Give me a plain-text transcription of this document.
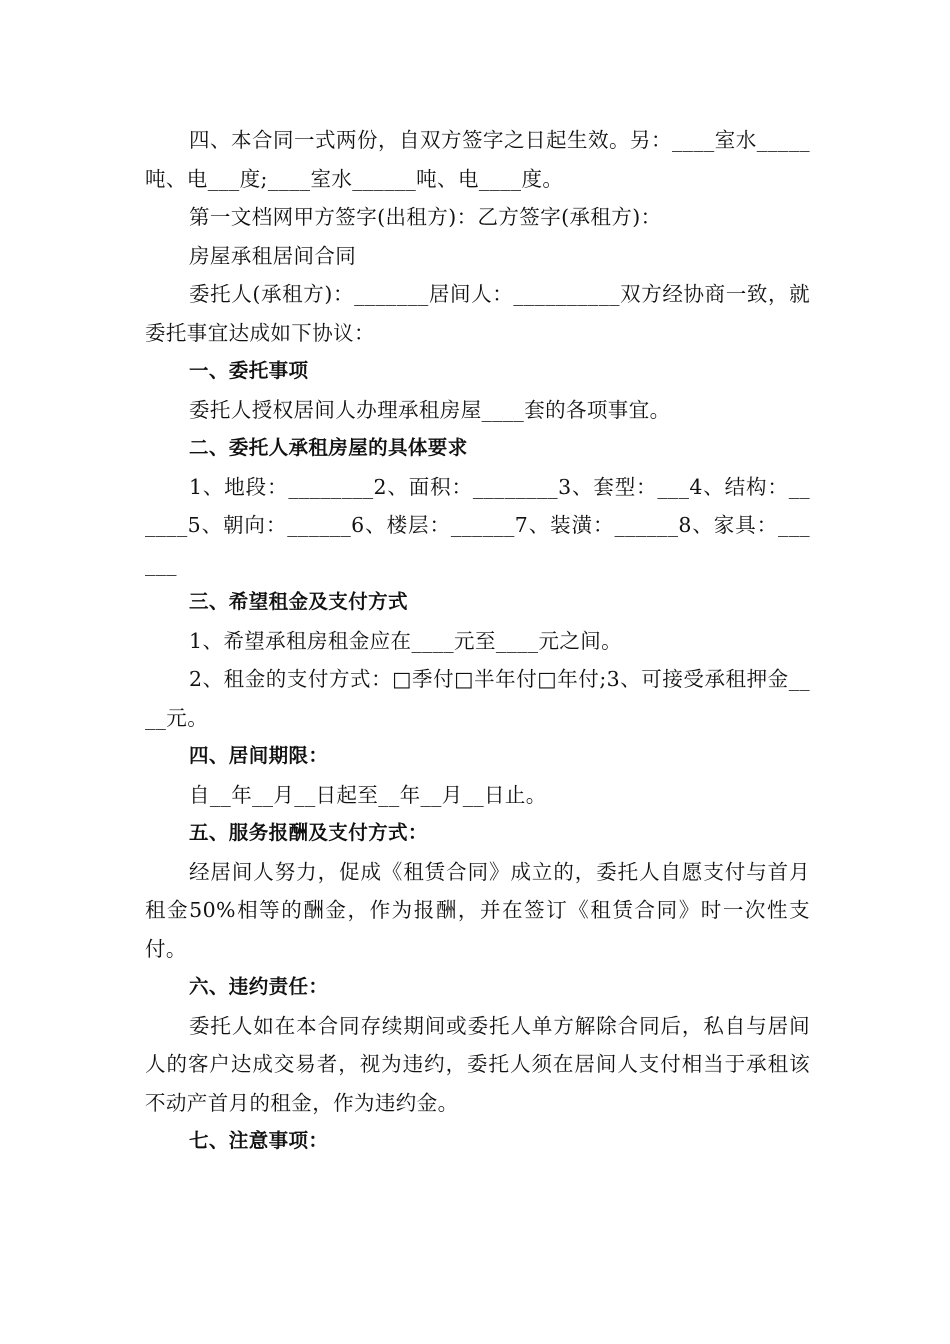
四、本合同一式两份，自双方签字之日起生效。另：____室水_____吨、电___度;____室水______吨、电____度。

第一文档网甲方签字(出租方)：乙方签字(承租方)：

房屋承租居间合同

委托人(承租方)：_______居间人：__________双方经协商一致，就委托事宜达成如下协议：

一、委托事项

委托人授权居间人办理承租房屋____套的各项事宜。

二、委托人承租房屋的具体要求

1、地段：________2、面积：________3、套型：___4、结构：______5、朝向：______6、楼层：______7、装潢：______8、家具：______

三、希望租金及支付方式

1、希望承租房租金应在____元至____元之间。

2、租金的支付方式：□季付□半年付□年付;3、可接受承租押金____元。

四、居间期限：

自__年__月__日起至__年__月__日止。

五、服务报酬及支付方式：

经居间人努力，促成《租赁合同》成立的，委托人自愿支付与首月租金50%相等的酬金，作为报酬，并在签订《租赁合同》时一次性支付。

六、违约责任：

委托人如在本合同存续期间或委托人单方解除合同后，私自与居间人的客户达成交易者，视为违约，委托人须在居间人支付相当于承租该不动产首月的租金，作为违约金。

七、注意事项：
